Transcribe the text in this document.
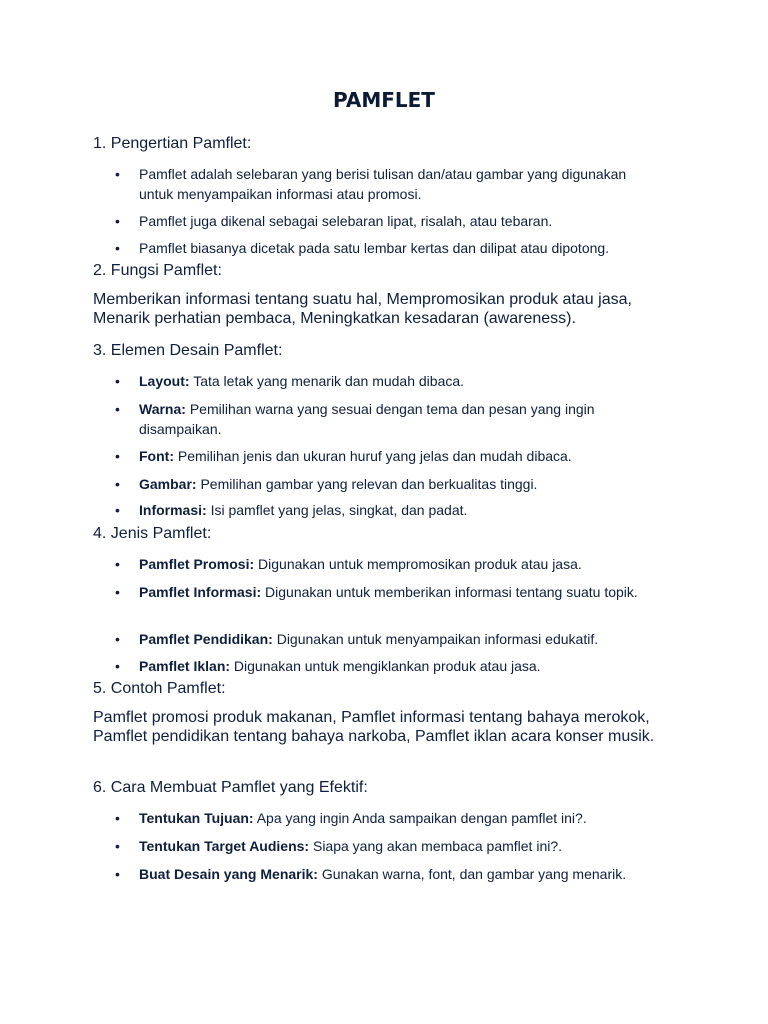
PAMFLET
1. Pengertian Pamflet:
• Pamflet adalah selebaran yang berisi tulisan dan/atau gambar yang digunakan untuk menyampaikan informasi atau promosi.
• Pamflet juga dikenal sebagai selebaran lipat, risalah, atau tebaran.
• Pamflet biasanya dicetak pada satu lembar kertas dan dilipat atau dipotong.
2. Fungsi Pamflet:

Memberikan informasi tentang suatu hal, Mempromosikan produk atau jasa, Menarik perhatian pembaca, Meningkatkan kesadaran (awareness).

3. Elemen Desain Pamflet:
• Layout: Tata letak yang menarik dan mudah dibaca.
• Warna: Pemilihan warna yang sesuai dengan tema dan pesan yang ingin disampaikan.
• Font: Pemilihan jenis dan ukuran huruf yang jelas dan mudah dibaca.
• Gambar: Pemilihan gambar yang relevan dan berkualitas tinggi.
• Informasi: Isi pamflet yang jelas, singkat, dan padat.
4. Jenis Pamflet:
• Pamflet Promosi: Digunakan untuk mempromosikan produk atau jasa.
• Pamflet Informasi: Digunakan untuk memberikan informasi tentang suatu topik.
• Pamflet Pendidikan: Digunakan untuk menyampaikan informasi edukatif.
• Pamflet Iklan: Digunakan untuk mengiklankan produk atau jasa.
5. Contoh Pamflet:

Pamflet promosi produk makanan, Pamflet informasi tentang bahaya merokok, Pamflet pendidikan tentang bahaya narkoba, Pamflet iklan acara konser musik.

6. Cara Membuat Pamflet yang Efektif:
• Tentukan Tujuan: Apa yang ingin Anda sampaikan dengan pamflet ini?.
• Tentukan Target Audiens: Siapa yang akan membaca pamflet ini?.
• Buat Desain yang Menarik: Gunakan warna, font, dan gambar yang menarik.
